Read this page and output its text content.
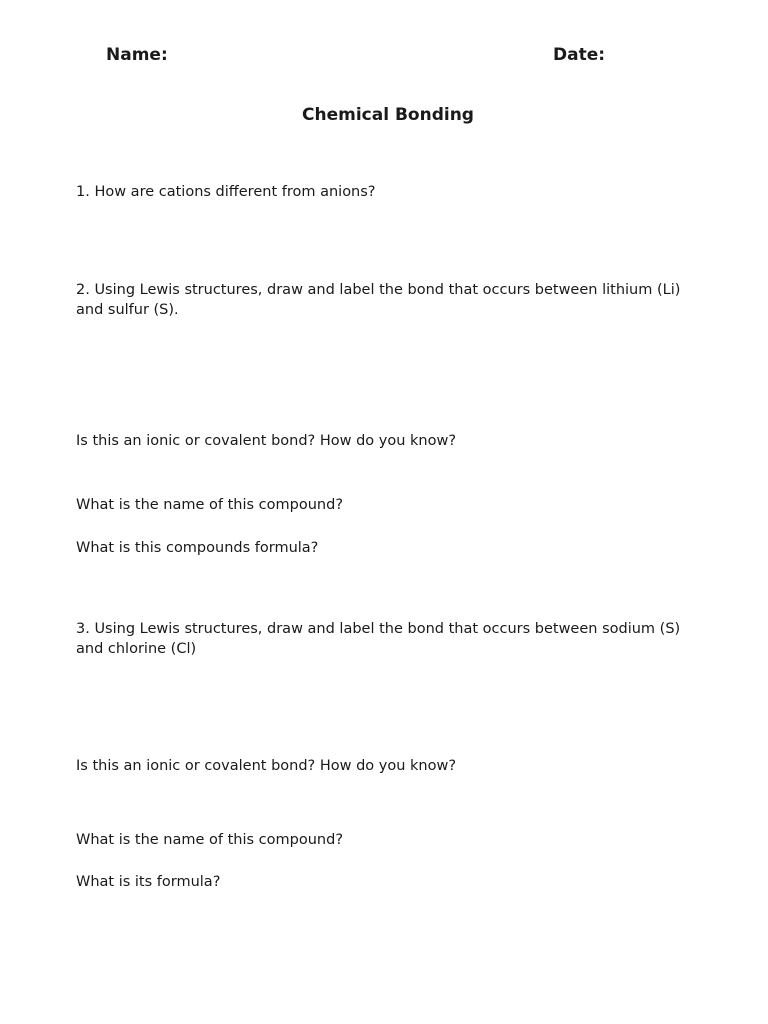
Name:	Date:
Chemical Bonding
1. How are cations different from anions?
2. Using Lewis structures, draw and label the bond that occurs between lithium (Li) and sulfur (S).
Is this an ionic or covalent bond? How do you know?
What is the name of this compound?
What is this compounds formula?
3. Using Lewis structures, draw and label the bond that occurs between sodium (S) and chlorine (Cl)
Is this an ionic or covalent bond? How do you know?
What is the name of this compound?
What is its formula?
